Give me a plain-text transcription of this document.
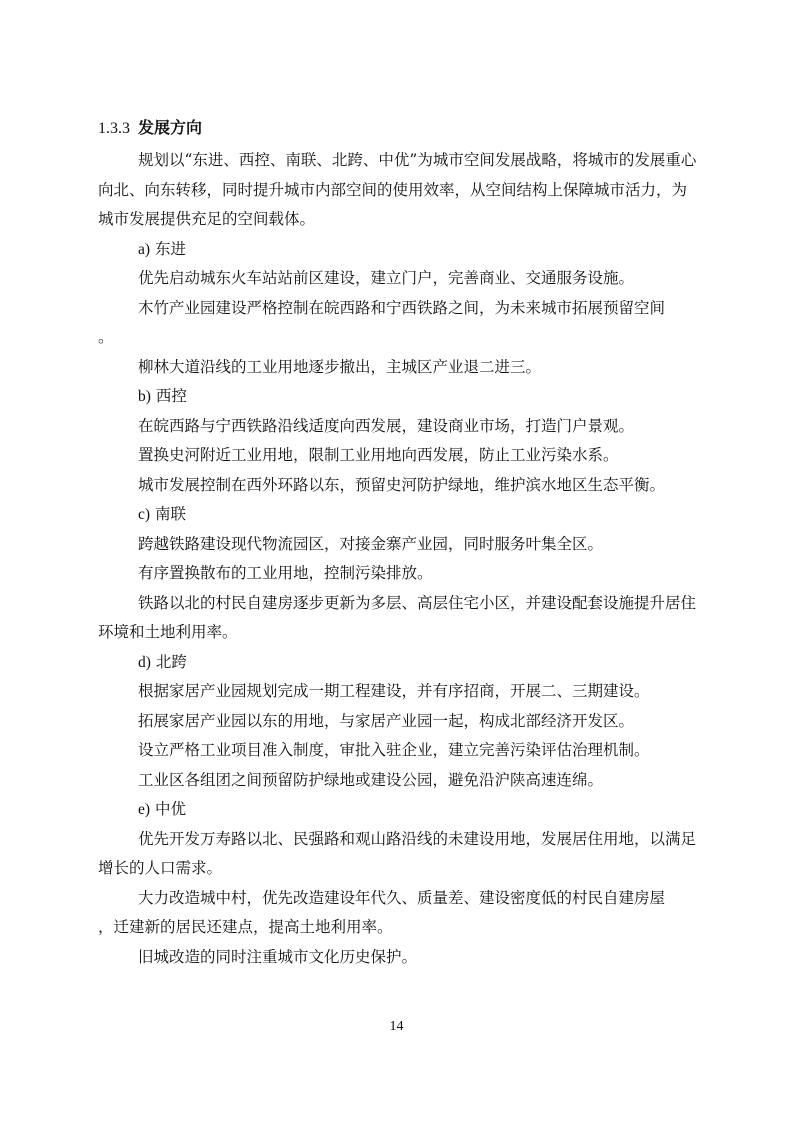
1.3.3 发展方向

规划以“东进、西控、南联、北跨、中优”为城市空间发展战略，将城市的发展重心向北、向东转移，同时提升城市内部空间的使用效率，从空间结构上保障城市活力，为城市发展提供充足的空间载体。

a) 东进

优先启动城东火车站站前区建设，建立门户，完善商业、交通服务设施。

木竹产业园建设严格控制在皖西路和宁西铁路之间，为未来城市拓展预留空间

。

柳林大道沿线的工业用地逐步撤出，主城区产业退二进三。

b) 西控

在皖西路与宁西铁路沿线适度向西发展，建设商业市场，打造门户景观。

置换史河附近工业用地，限制工业用地向西发展，防止工业污染水系。

城市发展控制在西外环路以东，预留史河防护绿地，维护滨水地区生态平衡。

c) 南联

跨越铁路建设现代物流园区，对接金寨产业园，同时服务叶集全区。

有序置换散布的工业用地，控制污染排放。

铁路以北的村民自建房逐步更新为多层、高层住宅小区，并建设配套设施提升居住环境和土地利用率。

d) 北跨

根据家居产业园规划完成一期工程建设，并有序招商，开展二、三期建设。

拓展家居产业园以东的用地，与家居产业园一起，构成北部经济开发区。

设立严格工业项目准入制度，审批入驻企业，建立完善污染评估治理机制。

工业区各组团之间预留防护绿地或建设公园，避免沿沪陕高速连绵。

e) 中优

优先开发万寿路以北、民强路和观山路沿线的未建设用地，发展居住用地，以满足增长的人口需求。

大力改造城中村，优先改造建设年代久、质量差、建设密度低的村民自建房屋

，迁建新的居民还建点，提高土地利用率。

旧城改造的同时注重城市文化历史保护。

14
